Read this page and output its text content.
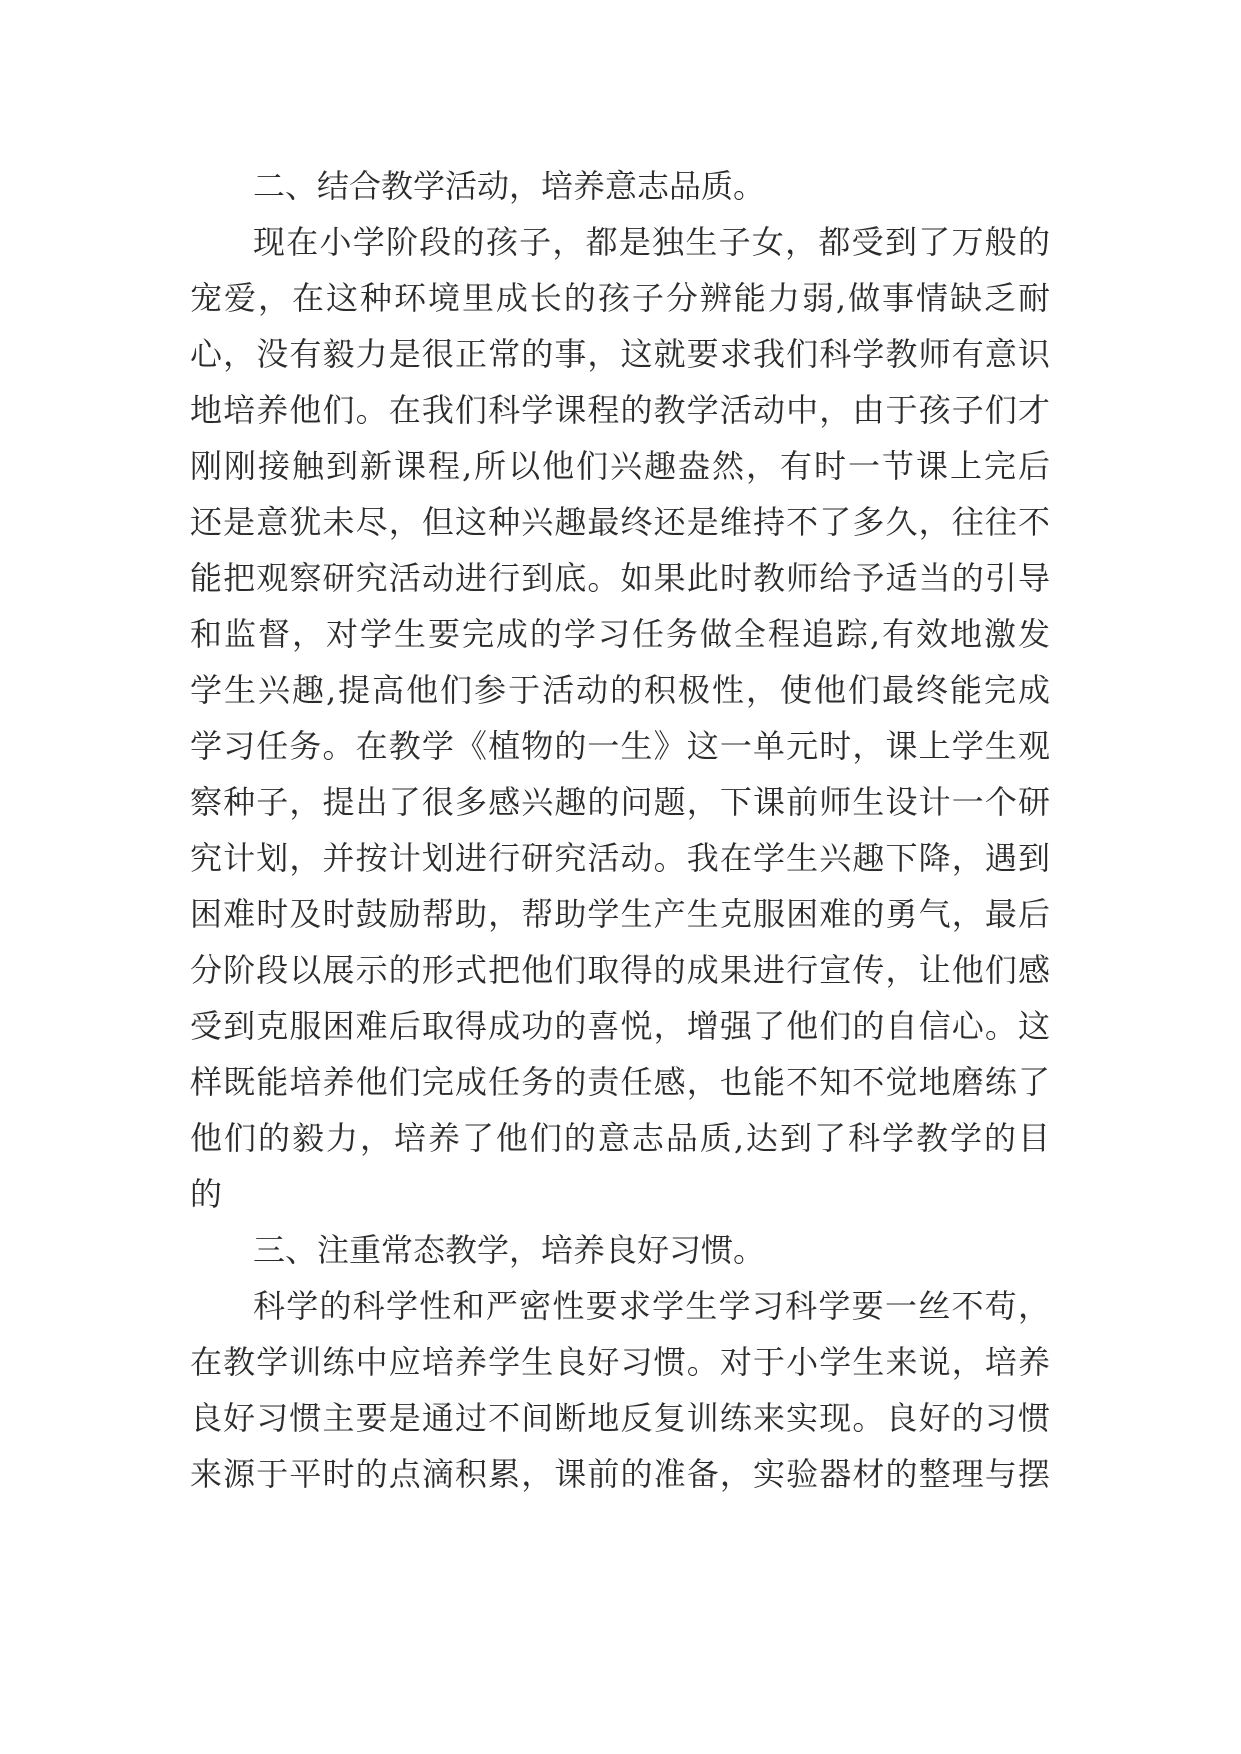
二、结合教学活动，培养意志品质。
现在小学阶段的孩子，都是独生子女，都受到了万般的
宠爱，在这种环境里成长的孩子分辨能力弱,做事情缺乏耐
心，没有毅力是很正常的事，这就要求我们科学教师有意识
地培养他们。在我们科学课程的教学活动中，由于孩子们才
刚刚接触到新课程,所以他们兴趣盎然，有时一节课上完后
还是意犹未尽，但这种兴趣最终还是维持不了多久，往往不
能把观察研究活动进行到底。如果此时教师给予适当的引导
和监督，对学生要完成的学习任务做全程追踪,有效地激发
学生兴趣,提高他们参于活动的积极性，使他们最终能完成
学习任务。在教学《植物的一生》这一单元时，课上学生观
察种子，提出了很多感兴趣的问题，下课前师生设计一个研
究计划，并按计划进行研究活动。我在学生兴趣下降，遇到
困难时及时鼓励帮助，帮助学生产生克服困难的勇气，最后
分阶段以展示的形式把他们取得的成果进行宣传，让他们感
受到克服困难后取得成功的喜悦，增强了他们的自信心。这
样既能培养他们完成任务的责任感，也能不知不觉地磨练了
他们的毅力，培养了他们的意志品质,达到了科学教学的目
的
三、注重常态教学，培养良好习惯。
科学的科学性和严密性要求学生学习科学要一丝不苟，
在教学训练中应培养学生良好习惯。对于小学生来说，培养
良好习惯主要是通过不间断地反复训练来实现。良好的习惯
来源于平时的点滴积累，课前的准备，实验器材的整理与摆
